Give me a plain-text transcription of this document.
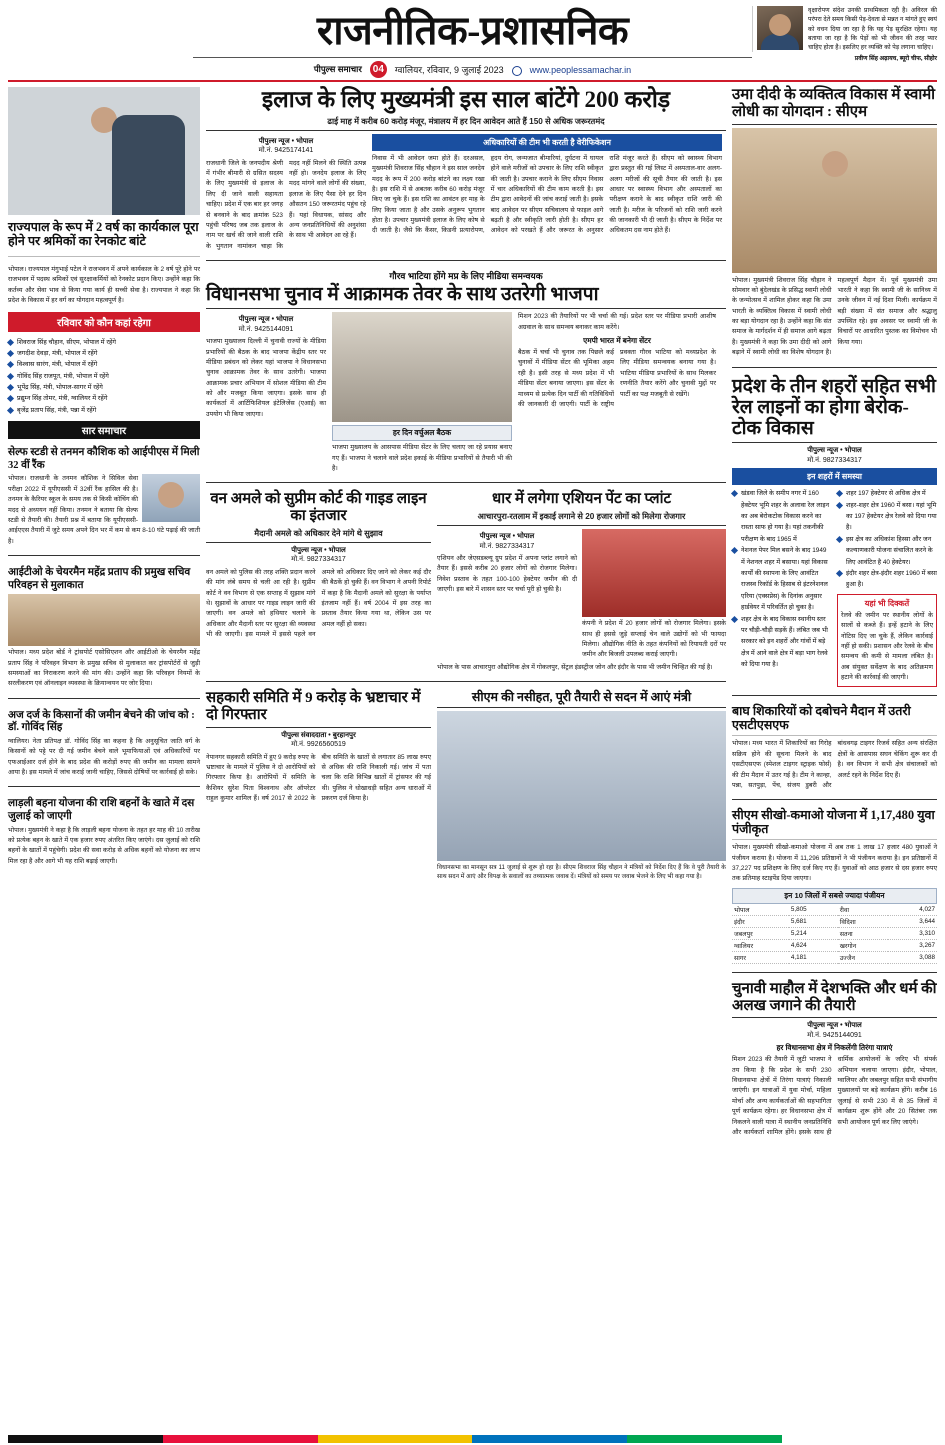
राजनीतिक-प्रशासनिक
पीपुल्स समाचार 04	ग्वालियर, रविवार, 9 जुलाई 2023	www.peoplessamachar.in
वृक्षारोपण संदेश उनकी प्राथमिकता रही है। अविरल की परंपरा देते समय किसी पेड़-देवता से मन्नत न मांगते हुए स्वयं को वचन दिया जा रहा है कि यह पेड़ सुरक्षित रहेगा। यह बताया जा रहा है कि पेड़ों को भी जीवन की तरह प्यार चाहिए होता है। इसलिए हर व्यक्ति को पेड़ लगाना चाहिए।
प्रवीण सिंह अढ़ायच, ब्यूरो चीफ, सीहोर
राज्यपाल के रूप में 2 वर्ष का कार्यकाल पूरा होने पर श्रमिकों का रेनकोट बांटे
भोपाल। राज्यपाल मंगुभाई पटेल ने राजभवन में अपने कार्यकाल के 2 वर्ष पूरे होने पर राजभवन में पदस्थ श्रमिकों एवं सुरक्षाकर्मियों को रेनकोट प्रदान किए। उन्होंने कहा कि कर्तव्य और सेवा भाव से किया गया कार्य ही सच्ची सेवा है। राज्यपाल ने कहा कि प्रदेश के विकास में हर वर्ग का योगदान महत्वपूर्ण है।
रविवार को कौन कहां रहेगा
शिवराज सिंह चौहान, सीएम, भोपाल में रहेंगे
जगदीश देवड़ा, मंत्री, भोपाल में रहेंगे
विश्वास सारंग, मंत्री, भोपाल में रहेंगे
गोविंद सिंह राजपूत, मंत्री, भोपाल में रहेंगे
भूपेंद्र सिंह, मंत्री, भोपाल-सागर में रहेंगे
प्रद्युम्न सिंह तोमर, मंत्री, ग्वालियर में रहेंगे
बृजेंद्र प्रताप सिंह, मंत्री, पन्ना में रहेंगे
सार समाचार
सेल्फ स्टडी से तनमन कौशिक को आईपीएस में मिली 32 वीं रैंक
भोपाल। राजधानी के तनमन कौशिक ने सिविल सेवा परीक्षा 2022 में यूपीएससी में 32वीं रैंक हासिल की है। तनमन के कैरियर स्कूल के समय तक से किसी कोचिंग की मदद से अध्ययन नहीं किया। तनमन ने बताया कि सेल्फ स्टडी से तैयारी की। तैयारी प्रश्न में बताया कि यूपीएससी-आईएएस तैयारी में जुटे समय अपने दिन भर में कम से कम 8-10 घंटे पढ़ाई की जाती है।
आईटीओ के चेयरमैन महेंद्र प्रताप की प्रमुख सचिव परिवहन से मुलाकात
भोपाल। मध्य प्रदेश बोर्ड ने ट्रांसपोर्ट एसोसिएशन और आईटीओ के चेयरमैन महेंद्र प्रताप सिंह ने परिवहन विभाग के प्रमुख सचिव से मुलाकात कर ट्रांसपोर्टरों से जुड़ी समस्याओं का निराकरण करने की मांग की। उन्होंने कहा कि परिवहन नियमों के सरलीकरण एवं ऑनलाइन व्यवस्था के क्रियान्वयन पर जोर दिया।
अज दर्ज के किसानों की जमीन बेचने की जांच को : डॉ. गोविंद सिंह
ग्वालियर। नेता प्रतिपक्ष डॉ. गोविंद सिंह का कहना है कि अनुसूचित जाति वर्ग के किसानों को पट्टे पर दी गई जमीन बेचने वाले भूमाफियाओं एवं अधिकारियों पर एफआईआर दर्ज होने के बाद प्रदेश की करोड़ों रुपए की जमीन का मामला सामने आया है। इस मामले में जांच कराई जानी चाहिए, जिससे दोषियों पर कार्रवाई हो सके।
लाड़ली बहना योजना की राशि बहनों के खाते में दस जुलाई को जाएगी
भोपाल। मुख्यमंत्री ने कहा है कि लाड़ली बहना योजना के तहत हर माह की 10 तारीख को प्रत्येक बहन के खाते में एक हजार रुपए अंतरित किए जाएंगे। दस जुलाई को राशि बहनों के खातों में पहुंचेगी। प्रदेश की सवा करोड़ से अधिक बहनों को योजना का लाभ मिल रहा है और आगे भी यह राशि बढ़ाई जाएगी।
इलाज के लिए मुख्यमंत्री इस साल बांटेंगे 200 करोड़
ढाई माह में करीब 60 करोड़ मंजूर, मंत्रालय में हर दिन आवेदन आते हैं 150 से अधिक जरूरतमंद
पीपुल्स न्यूज • भोपाल
मो.नं. 9425174141
राजधानी जिले के जनपदीय श्रेणी में गंभीर बीमारी से ग्रसित सदस्य के लिए मुख्यमंत्री से इलाज के लिए दी जाने वाली सहायता चाहिए। प्रदेश में एक बार हर जगह से बनवाने के बाद क्रमांक 523 पहुंची परिषद जब तक इलाज के नाम पर खर्च की जाने वाली राशि के भुगतान नामांकन चाहा कि मदद नहीं मिलने की स्थिति उत्पन्न नहीं हो। जनदेय इलाज के लिए मदद मांगने वाले लोगों की संख्या, इलाज के लिए पैसा देने हर दिन औसतन 150 जरूरतमंद पहुंच रहे हैं। यहां विधायक, सांसद और अन्य जनप्रतिनिधियों की अनुशंसा के साथ भी आवेदन आ रहे हैं।
अधिकारियों की टीम भी करती है वेरीफिकेशन
निवास में भी आवेदन जमा होते हैं। दरअसल, मुख्यमंत्री शिवराज सिंह चौहान ने इस साल जनदेय मदद के रूप में 200 करोड़ बांटने का लक्ष्य रखा है। इस राशि में से अबतक करीब 60 करोड़ मंजूर किए जा चुके हैं। इस राशि का आवंटन हर माह के लिए किया जाता है और उसके अनुरूप भुगतान होता है। उपचार मुख्यमंत्री इलाज के लिए कोष से दी जाती है। जैसे कि कैंसर, किडनी प्रत्यारोपण, हृदय रोग, जन्मजात बीमारियां, दुर्घटना में घायल होने वाले मरीजों को उपचार के लिए राशि स्वीकृत की जाती है। उपचार कराने के लिए सीएम निवास में चार अधिकारियों की टीम काम करती है। इस टीम द्वारा आवेदनों की जांच कराई जाती है। इसके बाद आवेदन पर सीएम सचिवालय से फाइल आगे बढ़ती है और स्वीकृति जारी होती है। सीएम हर आवेदन को परखते हैं और जरूरत के अनुसार राशि मंजूर करते हैं। सीएम को स्वास्थ्य विभाग द्वारा प्रस्तुत की गई लिस्ट में अस्पताल-वार अलग-अलग मरीजों की सूची तैयार की जाती है। इस आधार पर स्वास्थ्य विभाग और अस्पतालों का परीक्षण कराने के बाद स्वीकृत राशि जारी की जाती है। मरीज के परिजनों को राशि जारी करने की जानकारी भी दी जाती है। सीएम के निर्देश पर अधिकतम दस नाम होते हैं।
गौरव भाटिया होंगे मप्र के लिए मीडिया समन्वयक
विधानसभा चुनाव में आक्रामक तेवर के साथ उतरेगी भाजपा
पीपुल्स न्यूज • भोपाल
मो.नं. 9425144091
भाजपा मुख्यालय दिल्ली में चुनावी राज्यों के मीडिया प्रभारियों की बैठक के बाद भाजपा केंद्रीय स्तर पर मीडिया प्रबंधन को लेकर यहां भाजपा ने विधानसभा चुनाव आक्रामक तेवर के साथ उतरेगी। भाजपा आक्रामक प्रचार अभियान में सोशल मीडिया की टीम को और मजबूत किया जाएगा। इसके साथ ही कार्यकर्ता में आर्टिफिशियल इंटेलिजेंस (एआई) का उपयोग भी किया जाएगा।
हर दिन वर्चुअल बैठक
भाजपा मुख्यालय के आसपास मीडिया सेंटर के लिए चलाए जा रहे प्रयास बनाए गए हैं। भाजपा ने चलाने वाले प्रदेश इकाई के मीडिया प्रभारियों से तैयारी भी की है।
मिशन 2023 की तैयारियों पर भी चर्चा की गई। प्रदेश स्तर पर मीडिया प्रभारी आशीष अग्रवाल के साथ समन्वय बनाकर काम करेंगे।
एमपी भारत में बनेगा सेंटर
बैठक में चर्चा भी चुनाव तक पिछले कई चुनावों में मीडिया सेंटर की भूमिका अहम रही है। इसी तरह से मध्य प्रदेश में भी मीडिया सेंटर बनाया जाएगा। इस सेंटर के माध्यम से प्रत्येक दिन पार्टी की गतिविधियों की जानकारी दी जाएगी। पार्टी के राष्ट्रीय प्रवक्ता गौरव भाटिया को मध्यप्रदेश के लिए मीडिया समन्वयक बनाया गया है। भाटिया मीडिया प्रभारियों के साथ मिलकर रणनीति तैयार करेंगे और चुनावी मुद्दों पर पार्टी का पक्ष मजबूती से रखेंगे।
वन अमले को सुप्रीम कोर्ट की गाइड लाइन का इंतजार
मैदानी अमले को अधिकार देने मांगे थे सुझाव
पीपुल्स न्यूज • भोपाल
मो.नं. 9827334317
वन अमले को पुलिस की तरह शक्ति प्रदान करने की मांग लंबे समय से चली आ रही है। सुप्रीम कोर्ट ने वन विभाग से एक सप्ताह में सुझाव मांगे थे। सुझावों के आधार पर गाइड लाइन जारी की जाएगी। वन अमले को हथियार चलाने के अधिकार और मैदानी स्तर पर सुरक्षा की व्यवस्था भी की जाएगी। इस मामले में इससे पहले वन अमले को अधिकार दिए जाने को लेकर कई दौर की बैठकें हो चुकी हैं। वन विभाग ने अपनी रिपोर्ट में कहा है कि मैदानी अमले को सुरक्षा के पर्याप्त इंतजाम नहीं हैं। वर्ष 2004 में इस तरह का प्रस्ताव तैयार किया गया था, लेकिन उस पर अमल नहीं हो सका।
धार में लगेगा एशियन पेंट का प्लांट
आचारपुरा-रतलाम में इकाई लगाने से 20 हजार लोगों को मिलेगा रोजगार
पीपुल्स न्यूज • भोपाल
मो.नं. 9827334317
एशियन और जेएसडब्ल्यू ग्रुप प्रदेश में अपना प्लांट लगाने को तैयार हैं। इससे करीब 20 हजार लोगों को रोजगार मिलेगा। निवेश प्रस्ताव के तहत 100-100 हेक्टेयर जमीन की दी जाएगी। इस बारे में शासन स्तर पर चर्चा पूरी हो चुकी है।
कंपनी ने प्रदेश में 20 हजार लोगों को रोजगार मिलेगा। इसके साथ ही इससे जुड़े सप्लाई चेन वाले उद्योगों को भी फायदा मिलेगा। औद्योगिक नीति के तहत कंपनियों को रियायती दरों पर जमीन और बिजली उपलब्ध कराई जाएगी।
भोपाल के पास आचारपुरा औद्योगिक क्षेत्र में गोकलपुर, सेंट्रल इंडस्ट्रीज जोन और इंदौर के पास भी जमीन चिन्हित की गई है।
सहकारी समिति में 9 करोड़ के भ्रष्टाचार में दो गिरफ्तार
पीपुल्स संवाददाता • बुरहानपुर
मो.नं. 9926560519
नेपानगर सहकारी समिति में हुए 9 करोड़ रुपए के भ्रष्टाचार के मामले में पुलिस ने दो आरोपियों को गिरफ्तार किया है। आरोपियों में समिति के कैशियर सुरेश पिता विश्वनाथ और ऑपरेटर राहुल कुमार शामिल हैं। वर्ष 2017 से 2022 के बीच समिति के खातों से लगातार 85 लाख रुपए से अधिक की राशि निकाली गई। जांच में पता चला कि राशि विभिन्न खातों में ट्रांसफर की गई थी। पुलिस ने धोखाधड़ी सहित अन्य धाराओं में प्रकरण दर्ज किया है।
सीएम की नसीहत, पूरी तैयारी से सदन में आएं मंत्री
विधानसभा का मानसून सत्र 11 जुलाई से शुरू हो रहा है। सीएम शिवराज सिंह चौहान ने मंत्रियों को निर्देश दिए हैं कि वे पूरी तैयारी के साथ सदन में आएं और विपक्ष के सवालों का तथ्यात्मक जवाब दें। मंत्रियों को समय पर जवाब भेजने के लिए भी कहा गया है।
उमा दीदी के व्यक्तित्व विकास में स्वामी लोधी का योगदान : सीएम
भोपाल। मुख्यमंत्री शिवराज सिंह चौहान ने सोमवार को बुंदेलखंड के प्रसिद्ध स्वामी लोधी के जन्मोत्सव में शामिल होकर कहा कि उमा भारती के व्यक्तित्व विकास में स्वामी लोधी का बड़ा योगदान रहा है। उन्होंने कहा कि संत समाज के मार्गदर्शन में ही समाज आगे बढ़ता है। मुख्यमंत्री ने कहा कि उमा दीदी को आगे बढ़ाने में स्वामी लोधी का विशेष योगदान है। महत्वपूर्ण मैदान में। पूर्व मुख्यमंत्री उमा भारती ने कहा कि स्वामी जी के सानिध्य में उनके जीवन में नई दिशा मिली। कार्यक्रम में बड़ी संख्या में संत समाज और श्रद्धालु उपस्थित रहे। इस अवसर पर स्वामी जी के विचारों पर आधारित पुस्तक का विमोचन भी किया गया।
प्रदेश के तीन शहरों सहित सभी रेल लाइनों का होगा बेरोक-टोक विकास
पीपुल्स न्यूज • भोपाल
मो.नं. 9827334317
इन शहरों में समस्या
खंडवा जिले के समीप नगर में 160 हेक्टेयर भूमि शहर के अलावा रेल लाइन का अब बेरोकटोक विकास करने का रास्ता साफ हो गया है। यहां तकनीकी परीक्षण के बाद 1965 में
नेशनल पेपर मिल बसने के बाद 1949 में नेशनल शहर में बसाया। यहां विकास कार्यों की स्थापना के लिए आवंटित राजस्व रिकॉर्ड के हिसाब से इंटरनेशनल एरिया (एक्सप्रेस) के दिनांक अनुसार हार्डवेयर में परिवर्तित हो चुका है।
शहर क्षेत्र के बाद विकास स्थानीय स्तर पर चौड़ी-चौड़ी सड़कें हैं। लंबित जब भी सरकार को इन शहरों और गांवों में बड़े क्षेत्र में आने वाले क्षेत्र में बड़ा भाग रेलवे को दिया गया है।
शहर 197 हेक्टेयर से अधिक क्षेत्र में
शहर-शहर क्षेत्र 1960 में बसा। यहां भूमि का 197 हेक्टेयर क्षेत्र रेलवे को दिया गया है।
इस क्षेत्र का अधिकांश हिस्सा और जन कल्याणकारी योजना संचालित करने के लिए आवंटित है 40 हेक्टेयर।
इंदौर शहर क्षेत्र-इंदौर शहर 1960 में बसा हुआ है।
यहां भी दिक्कतें
रेलवे की जमीन पर स्थानीय लोगों के सालों से कब्जे हैं। इन्हें हटाने के लिए नोटिस दिए जा चुके हैं, लेकिन कार्रवाई नहीं हो सकी। प्रशासन और रेलवे के बीच समन्वय की कमी से मामला लंबित है। अब संयुक्त सर्वेक्षण के बाद अतिक्रमण हटाने की कार्रवाई की जाएगी।
बाघ शिकारियों को दबोचने मैदान में उतरी एसटीएसएफ
भोपाल। मध्य भारत में शिकारियों का गिरोह सक्रिय होने की सूचना मिलने के बाद एसटीएसएफ (स्पेशल टाइगर स्ट्राइक फोर्स) की टीम मैदान में उतर गई है। टीम ने कान्हा, पन्ना, सतपुड़ा, पेंच, संजय डुबरी और बांधवगढ़ टाइगर रिजर्व सहित अन्य संरक्षित क्षेत्रों के आसपास सघन चेकिंग शुरू कर दी है। वन विभाग ने सभी क्षेत्र संचालकों को अलर्ट रहने के निर्देश दिए हैं।
सीएम सीखो-कमाओ योजना में 1,17,480 युवा पंजीकृत
भोपाल। मुख्यमंत्री सीखो-कमाओ योजना में अब तक 1 लाख 17 हजार 480 युवाओं ने पंजीयन कराया है। योजना में 11,296 प्रतिष्ठानों ने भी पंजीयन कराया है। इन प्रतिष्ठानों में 37,227 पद प्रशिक्षण के लिए दर्ज किए गए हैं। युवाओं को आठ हजार से दस हजार रुपए तक प्रतिमाह स्टाइपेंड दिया जाएगा।
इन 10 जिलों में सबसे ज्यादा पंजीयन
भोपाल	5,805	रीवा	4,027
इंदौर	5,681	विदिशा	3,644
जबलपुर	5,214	सतना	3,310
ग्वालियर	4,624	खरगोन	3,267
सागर	4,181	उज्जैन	3,088
चुनावी माहौल में देशभक्ति और धर्म की अलख जगाने की तैयारी
पीपुल्स न्यूज • भोपाल
मो.नं. 9425144091
हर विधानसभा क्षेत्र में निकलेंगी तिरंगा यात्राएं
मिशन 2023 की तैयारी में जुटी भाजपा ने तय किया है कि प्रदेश के सभी 230 विधानसभा क्षेत्रों में तिरंगा यात्राएं निकाली जाएंगी। इन यात्राओं में युवा मोर्चा, महिला मोर्चा और अन्य कार्यकर्ताओं की सहभागिता पूर्ण कार्यक्रम रहेगा। हर विधानसभा क्षेत्र में निकलने वाली यात्रा में स्थानीय जनप्रतिनिधि और कार्यकर्ता शामिल होंगे। इसके साथ ही धार्मिक आयोजनों के जरिए भी संपर्क अभियान चलाया जाएगा। इंदौर, भोपाल, ग्वालियर और जबलपुर सहित सभी संभागीय मुख्यालयों पर बड़े कार्यक्रम होंगे। करीब 16 जुलाई से सभी 230 में से 35 जिलों में कार्यक्रम शुरू होंगे और 20 सितंबर तक सभी आयोजन पूर्ण कर लिए जाएंगे।
